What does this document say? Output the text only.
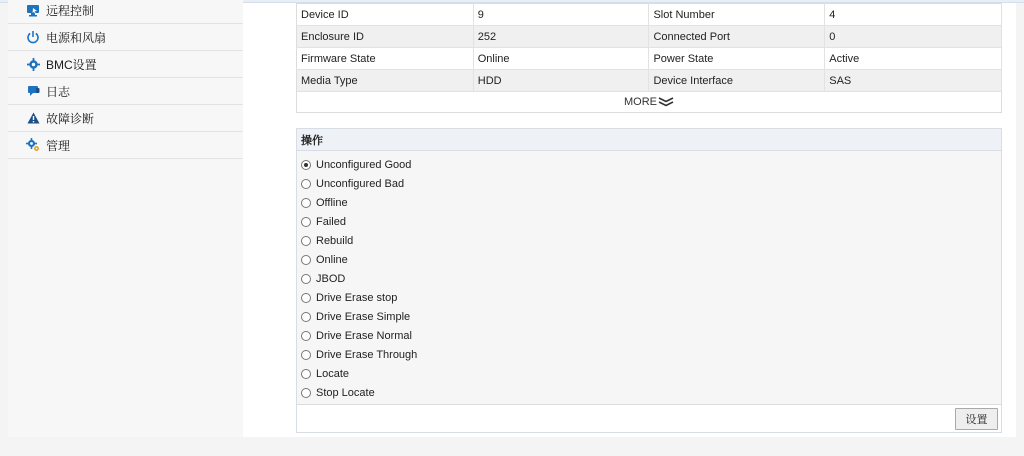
远程控制
电源和风扇
BMC设置
日志
故障诊断
管理
Device ID	9	Slot Number	4
Enclosure ID	252	Connected Port	0
Firmware State	Online	Power State	Active
Media Type	HDD	Device Interface	SAS
MORE
操作
Unconfigured Good
Unconfigured Bad
Offline
Failed
Rebuild
Online
JBOD
Drive Erase stop
Drive Erase Simple
Drive Erase Normal
Drive Erase Through
Locate
Stop Locate
设置
